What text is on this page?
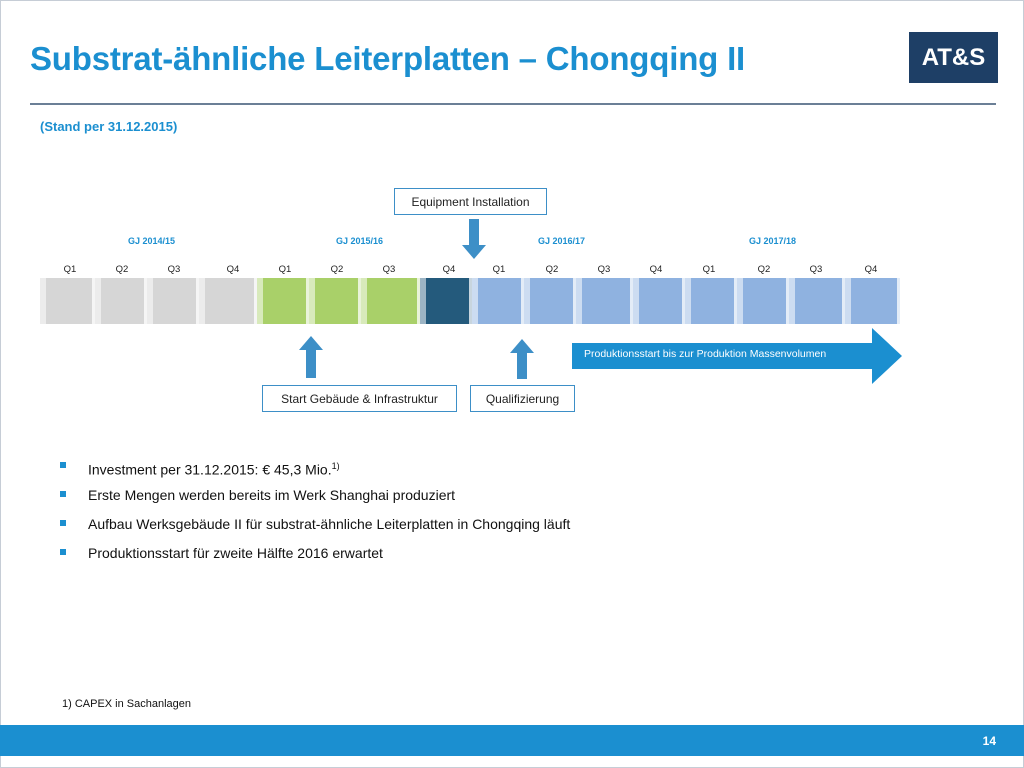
Substrat-ähnliche Leiterplatten – Chongqing II	AT&S
(Stand per 31.12.2015)
GJ 2014/15	GJ 2015/16	GJ 2016/17	GJ 2017/18
Q1	Q2	Q3	Q4	Q1	Q2	Q3	Q4	Q1	Q2	Q3	Q4	Q1	Q2	Q3	Q4
Equipment Installation
Start Gebäude & Infrastruktur	Qualifizierung
Produktionsstart bis zur Produktion Massenvolumen
Investment per 31.12.2015: € 45,3 Mio.$^{1)}$
Erste Mengen werden bereits im Werk Shanghai produziert
Aufbau Werksgebäude II für substrat-ähnliche Leiterplatten in Chongqing läuft
Produktionsstart für zweite Hälfte 2016 erwartet
1) CAPEX in Sachanlagen
14
